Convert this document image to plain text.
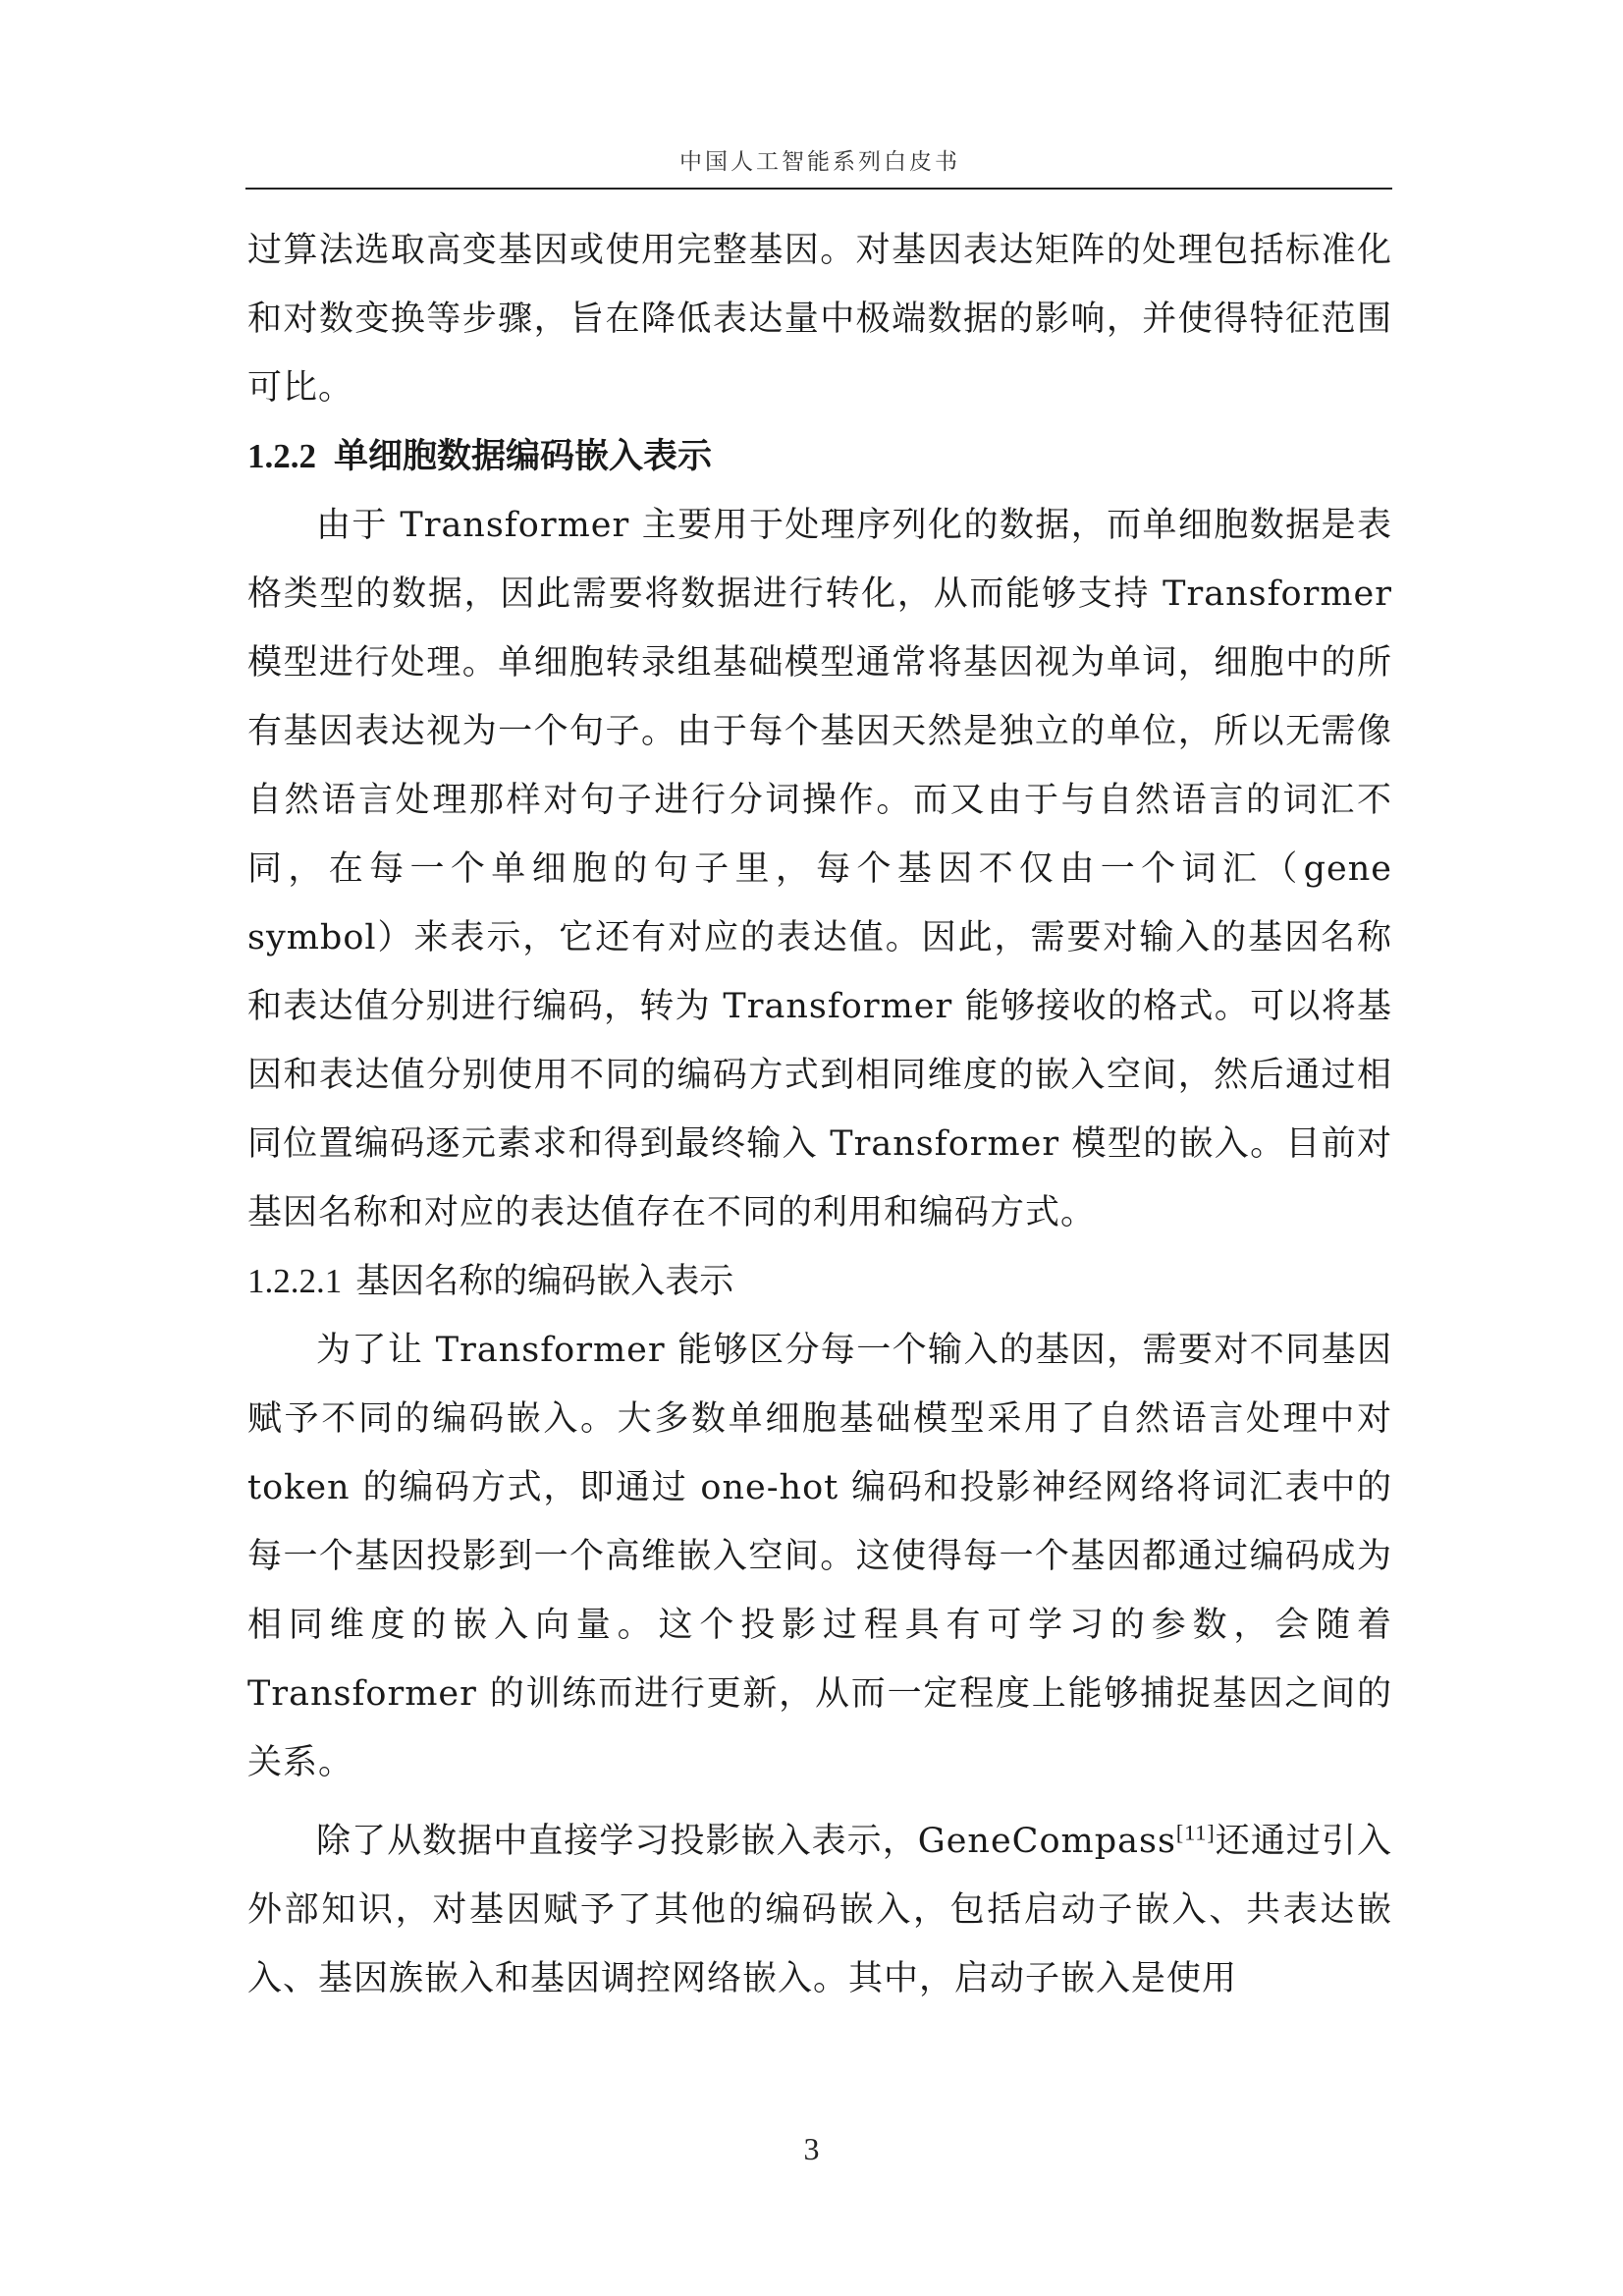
中国人工智能系列白皮书

过算法选取高变基因或使用完整基因。对基因表达矩阵的处理包括标准化和对数变换等步骤，旨在降低表达量中极端数据的影响，并使得特征范围可比。

1.2.2 单细胞数据编码嵌入表示

由于 Transformer 主要用于处理序列化的数据，而单细胞数据是表格类型的数据，因此需要将数据进行转化，从而能够支持 Transformer 模型进行处理。单细胞转录组基础模型通常将基因视为单词，细胞中的所有基因表达视为一个句子。由于每个基因天然是独立的单位，所以无需像自然语言处理那样对句子进行分词操作。而又由于与自然语言的词汇不同，在每一个单细胞的句子里，每个基因不仅由一个词汇（gene symbol）来表示，它还有对应的表达值。因此，需要对输入的基因名称和表达值分别进行编码，转为 Transformer 能够接收的格式。可以将基因和表达值分别使用不同的编码方式到相同维度的嵌入空间，然后通过相同位置编码逐元素求和得到最终输入 Transformer 模型的嵌入。目前对基因名称和对应的表达值存在不同的利用和编码方式。

1.2.2.1 基因名称的编码嵌入表示

为了让 Transformer 能够区分每一个输入的基因，需要对不同基因赋予不同的编码嵌入。大多数单细胞基础模型采用了自然语言处理中对 token 的编码方式，即通过 one-hot 编码和投影神经网络将词汇表中的每一个基因投影到一个高维嵌入空间。这使得每一个基因都通过编码成为相同维度的嵌入向量。这个投影过程具有可学习的参数，会随着 Transformer 的训练而进行更新，从而一定程度上能够捕捉基因之间的关系。

除了从数据中直接学习投影嵌入表示，GeneCompass[11]还通过引入外部知识，对基因赋予了其他的编码嵌入，包括启动子嵌入、共表达嵌入、基因族嵌入和基因调控网络嵌入。其中，启动子嵌入是使用

3
